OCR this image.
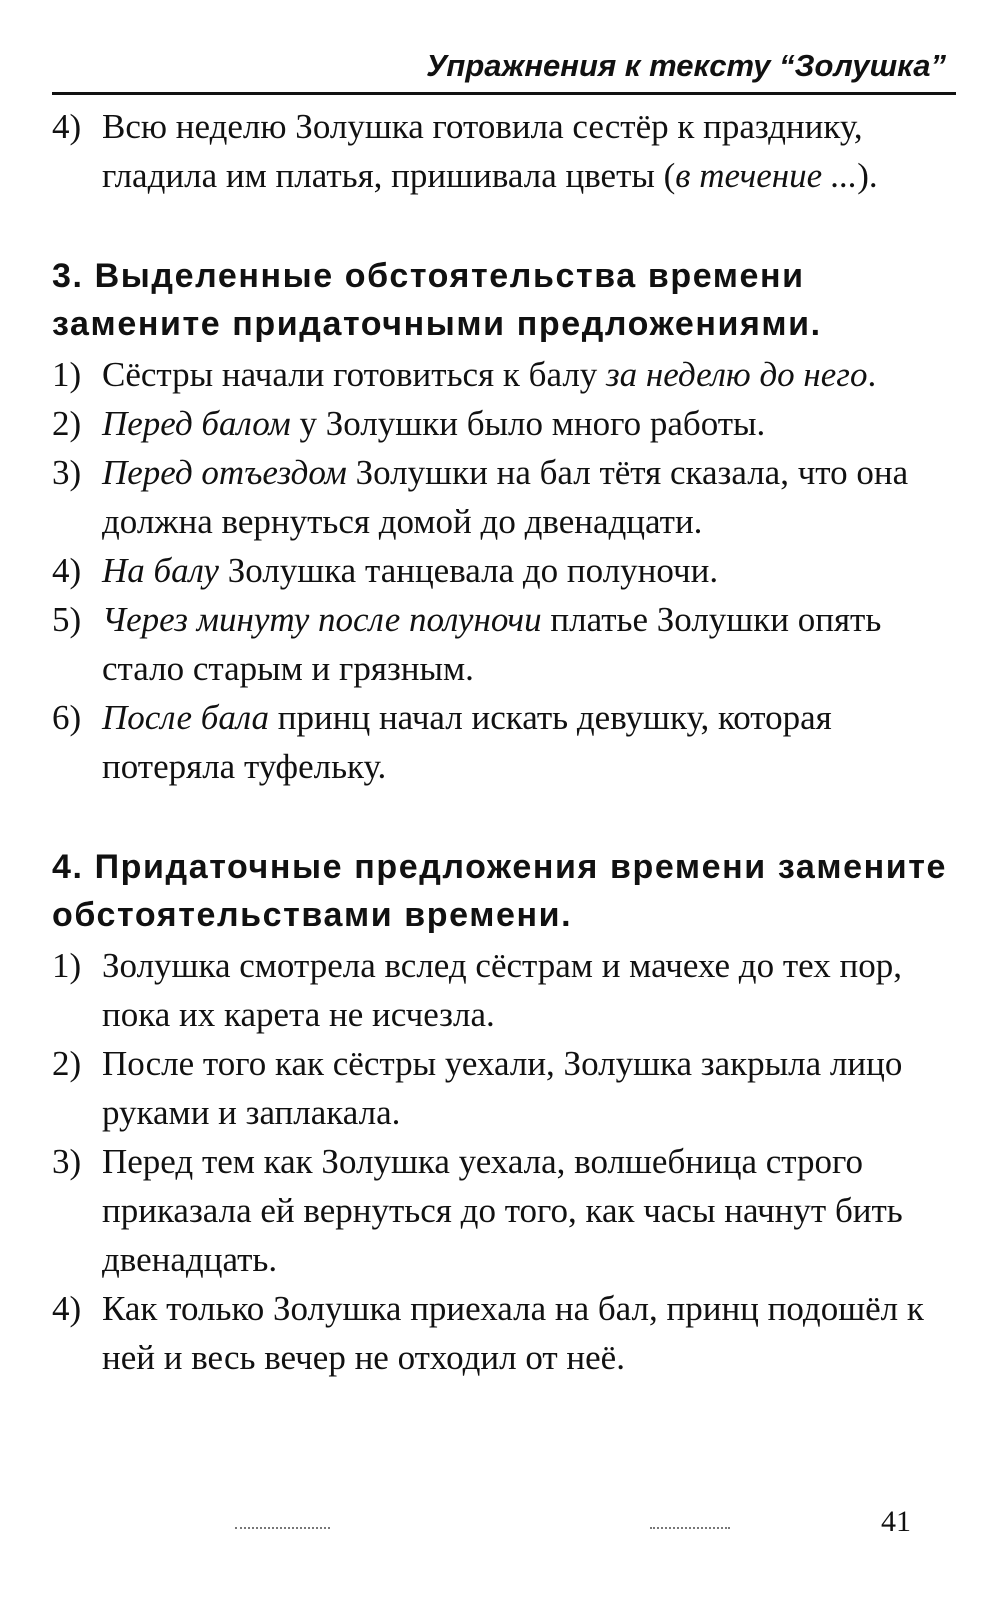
Упражнения к тексту “Золушка”
4) Всю неделю Золушка готовила сестёр к празднику, гладила им платья, пришивала цветы (в течение ...).
3. Выделенные обстоятельства времени замените придаточными предложениями.
1) Сёстры начали готовиться к балу за неделю до него.
2) Перед балом у Золушки было много работы.
3) Перед отъездом Золушки на бал тётя сказала, что она должна вернуться домой до двенадцати.
4) На балу Золушка танцевала до полуночи.
5) Через минуту после полуночи платье Золушки опять стало старым и грязным.
6) После бала принц начал искать девушку, которая потеряла туфельку.
4. Придаточные предложения времени замените обстоятельствами времени.
1) Золушка смотрела вслед сёстрам и мачехе до тех пор, пока их карета не исчезла.
2) После того как сёстры уехали, Золушка закрыла лицо руками и заплакала.
3) Перед тем как Золушка уехала, волшебница строго приказала ей вернуться до того, как часы начнут бить двенадцать.
4) Как только Золушка приехала на бал, принц подошёл к ней и весь вечер не отходил от неё.
41
